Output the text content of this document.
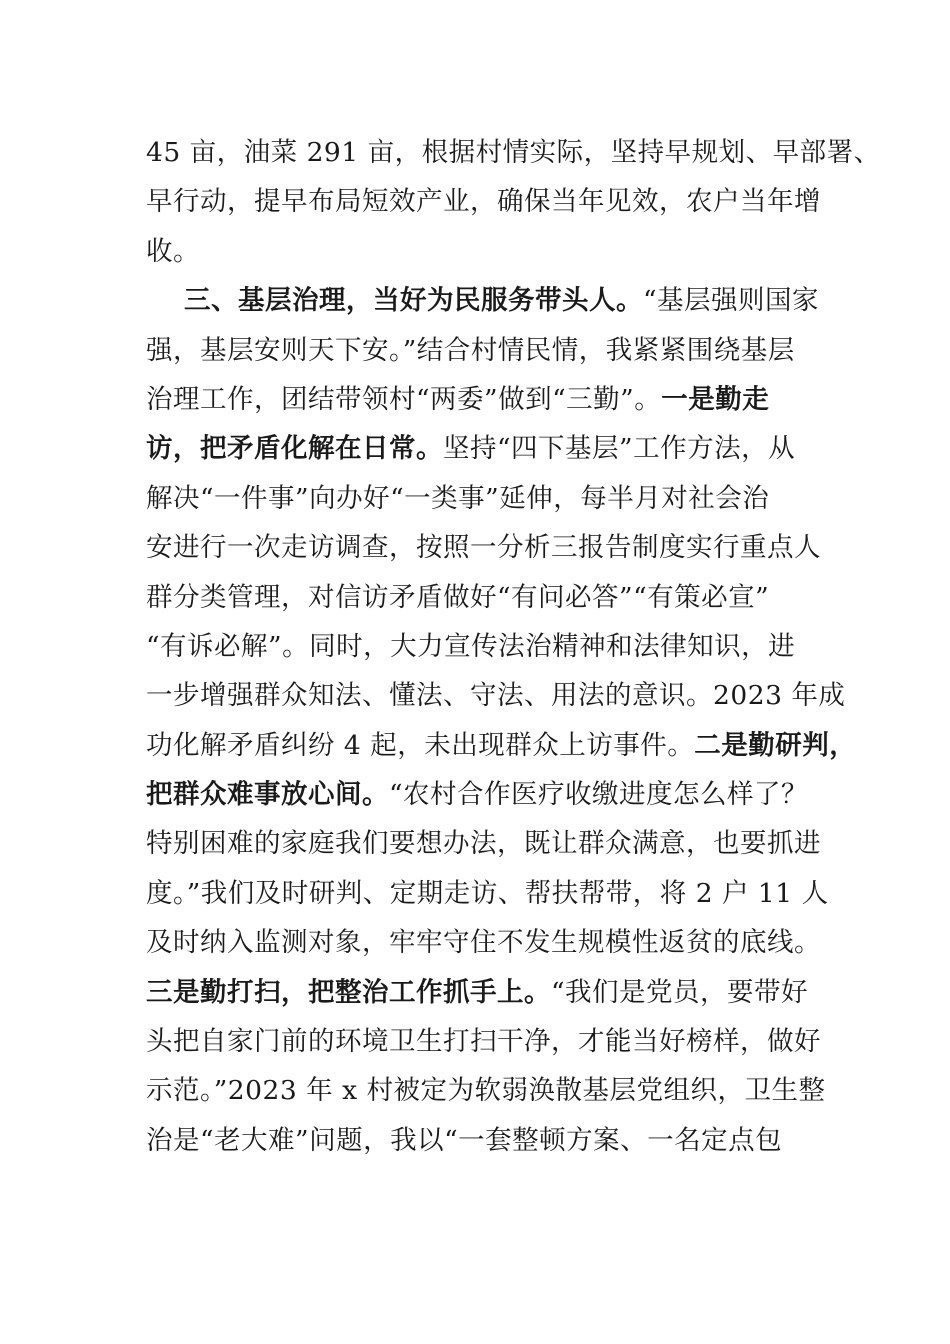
45 亩，油菜 291 亩，根据村情实际，坚持早规划、早部署、
早行动，提早布局短效产业，确保当年见效，农户当年增
收。
三、基层治理，当好为民服务带头人。“基层强则国家
强，基层安则天下安。”结合村情民情，我紧紧围绕基层
治理工作，团结带领村“两委”做到“三勤”。一是勤走
访，把矛盾化解在日常。坚持“四下基层”工作方法，从
解决“一件事”向办好“一类事”延伸，每半月对社会治
安进行一次走访调查，按照一分析三报告制度实行重点人
群分类管理，对信访矛盾做好“有问必答”“有策必宣”
“有诉必解”。同时，大力宣传法治精神和法律知识，进
一步增强群众知法、懂法、守法、用法的意识。2023 年成
功化解矛盾纠纷 4 起，未出现群众上访事件。二是勤研判，
把群众难事放心间。“农村合作医疗收缴进度怎么样了？
特别困难的家庭我们要想办法，既让群众满意，也要抓进
度。”我们及时研判、定期走访、帮扶帮带，将 2 户 11 人
及时纳入监测对象，牢牢守住不发生规模性返贫的底线。
三是勤打扫，把整治工作抓手上。“我们是党员，要带好
头把自家门前的环境卫生打扫干净，才能当好榜样，做好
示范。”2023 年 x 村被定为软弱涣散基层党组织，卫生整
治是“老大难”问题，我以“一套整顿方案、一名定点包
